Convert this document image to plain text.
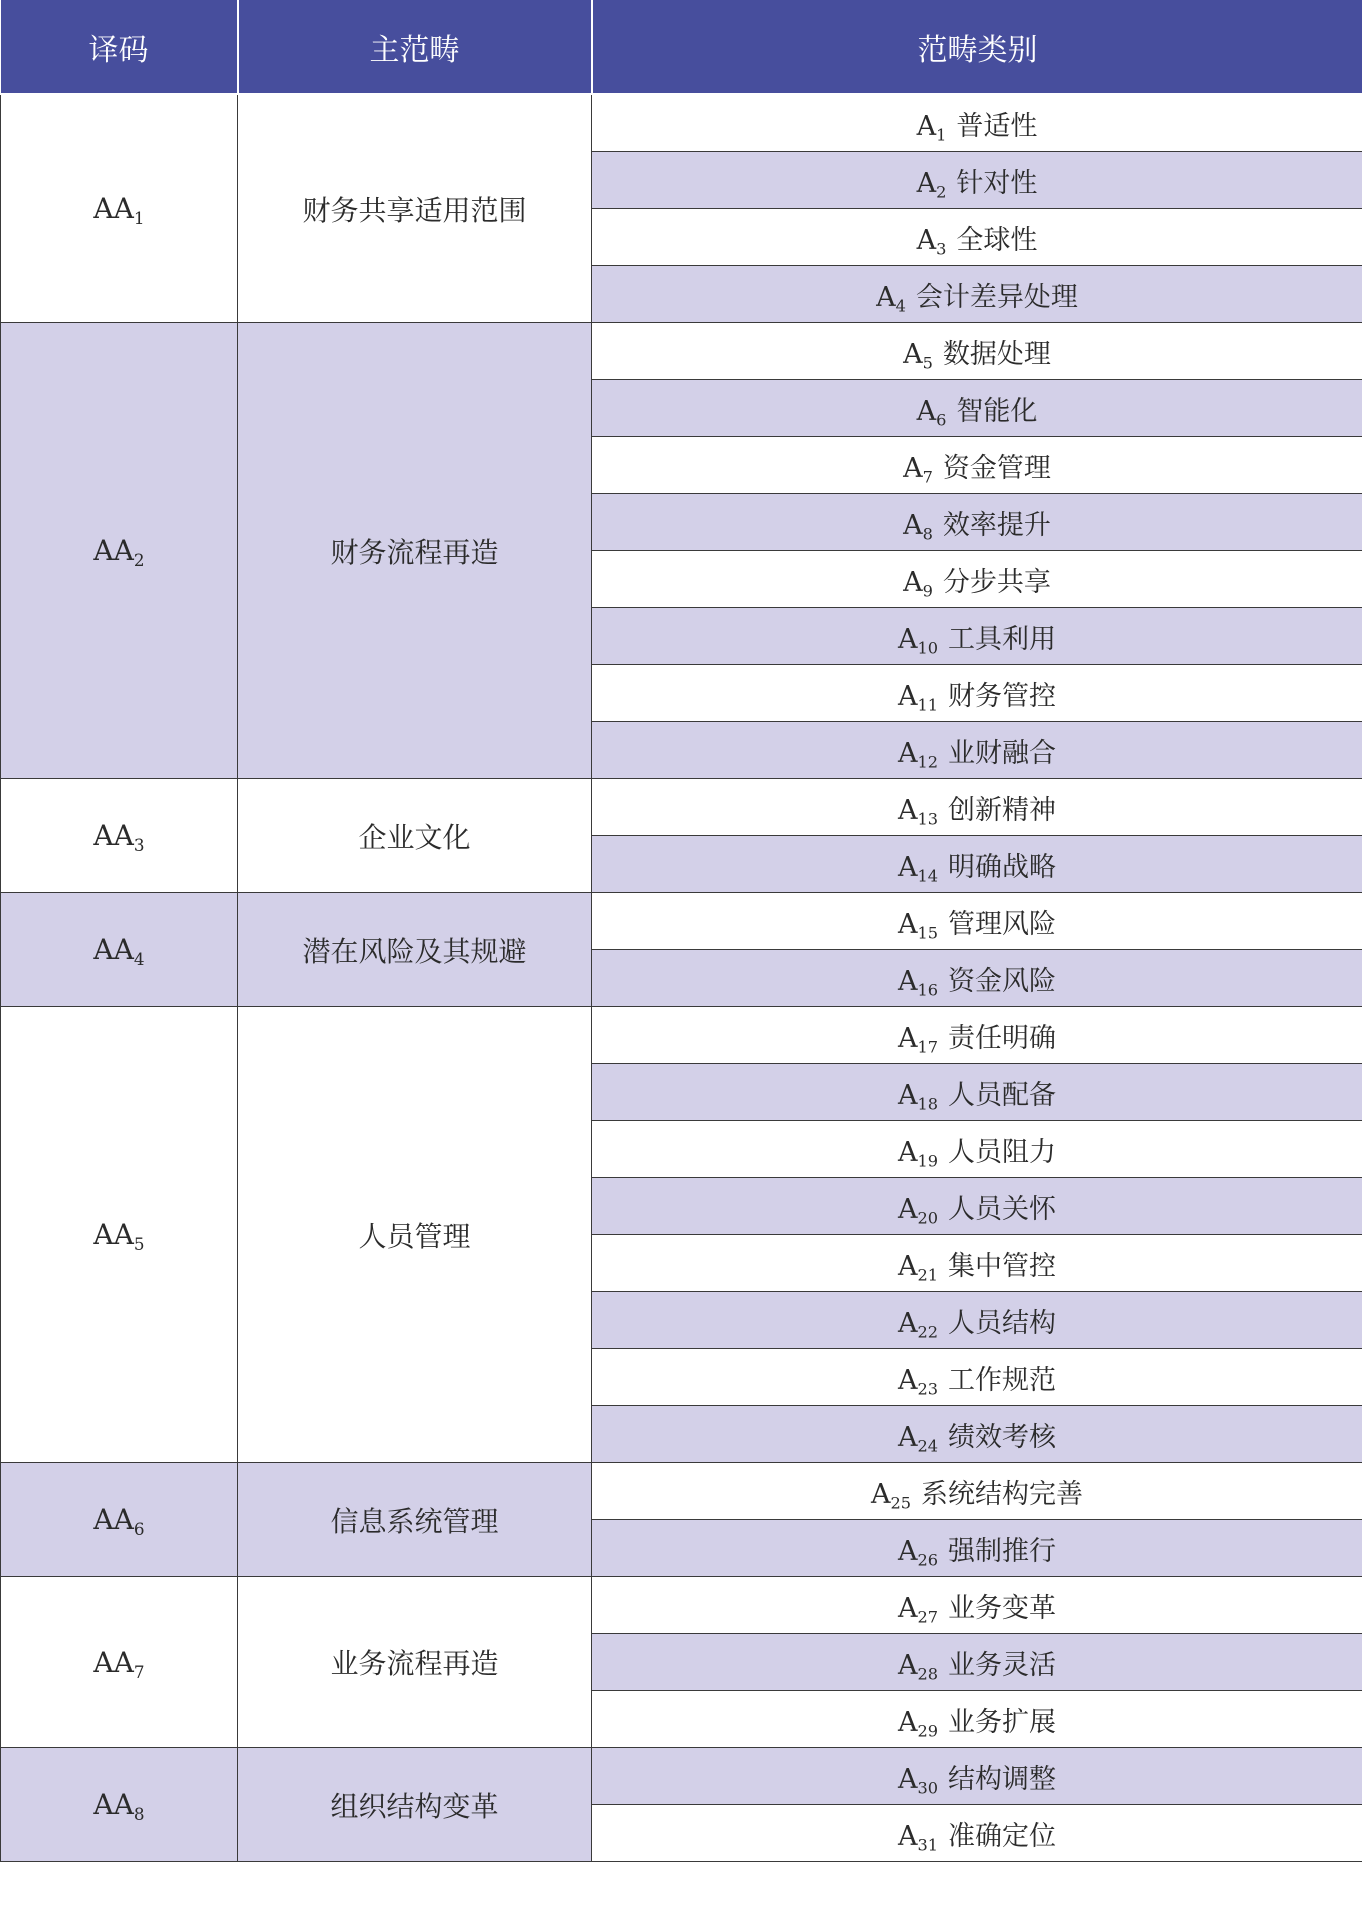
译码	主范畴	范畴类别
$AA_1$	财务共享适用范围	$A_1$ 普适性
		$A_2$ 针对性
		$A_3$ 全球性
		$A_4$ 会计差异处理
$AA_2$	财务流程再造	$A_5$ 数据处理
		$A_6$ 智能化
		$A_7$ 资金管理
		$A_8$ 效率提升
		$A_9$ 分步共享
		$A_{10}$ 工具利用
		$A_{11}$ 财务管控
		$A_{12}$ 业财融合
$AA_3$	企业文化	$A_{13}$ 创新精神
		$A_{14}$ 明确战略
$AA_4$	潜在风险及其规避	$A_{15}$ 管理风险
		$A_{16}$ 资金风险
$AA_5$	人员管理	$A_{17}$ 责任明确
		$A_{18}$ 人员配备
		$A_{19}$ 人员阻力
		$A_{20}$ 人员关怀
		$A_{21}$ 集中管控
		$A_{22}$ 人员结构
		$A_{23}$ 工作规范
		$A_{24}$ 绩效考核
$AA_6$	信息系统管理	$A_{25}$ 系统结构完善
		$A_{26}$ 强制推行
$AA_7$	业务流程再造	$A_{27}$ 业务变革
		$A_{28}$ 业务灵活
		$A_{29}$ 业务扩展
$AA_8$	组织结构变革	$A_{30}$ 结构调整
		$A_{31}$ 准确定位
